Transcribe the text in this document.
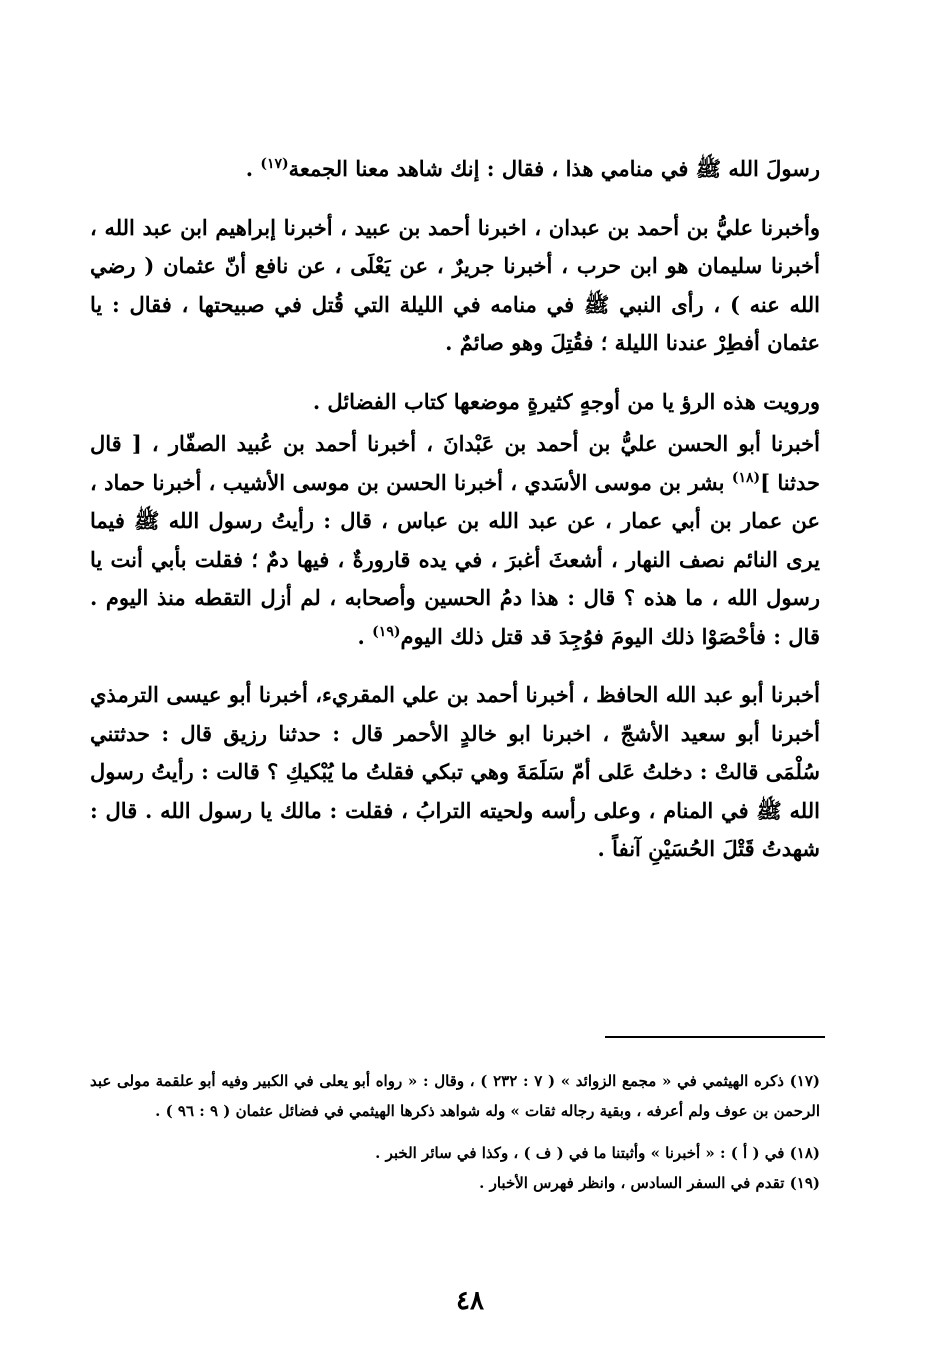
رسولَ الله ﷺ في منامي هذا ، فقال : إنك شاهد معنا الجمعة$^{(١٧)}$ .

وأخبرنا عليُّ بن أحمد بن عبدان ، اخبرنا أحمد بن عبيد ، أخبرنا إبراهيم ابن عبد الله ، أخبرنا سليمان هو ابن حرب ، أخبرنا جريرٌ ، عن يَعْلَى ، عن نافع أنّ عثمان ( رضي الله عنه ) ، رأى النبي ﷺ في منامه في الليلة التي قُتل في صبيحتها ، فقال : يا عثمان أفطِرْ عندنا الليلة ؛ فقُتِلَ وهو صائمٌ .

ورويت هذه الرؤ يا من أوجهٍ كثيرةٍ موضعها كتاب الفضائل .

أخبرنا أبو الحسن عليُّ بن أحمد بن عَبْدانَ ، أخبرنا أحمد بن عُبيد الصفّار ، [ قال حدثنا ]$^{(١٨)}$ بشر بن موسى الأسَدي ، أخبرنا الحسن بن موسى الأشيب ، أخبرنا حماد ، عن عمار بن أبي عمار ، عن عبد الله بن عباس ، قال : رأيتُ رسول الله ﷺ فيما يرى النائم نصف النهار ، أشعثَ أغبرَ ، في يده قارورةٌ ، فيها دمٌ ؛ فقلت بأبي أنت يا رسول الله ، ما هذه ؟ قال : هذا دمُ الحسين وأصحابه ، لم أزل التقطه منذ اليوم . قال : فأحْصَوْا ذلك اليومَ فوُجِدَ قد قتل ذلك اليوم$^{(١٩)}$ .

أخبرنا أبو عبد الله الحافظ ، أخبرنا أحمد بن علي المقريء، أخبرنا أبو عيسى الترمذي أخبرنا أبو سعيد الأشجّ ، اخبرنا ابو خالدٍ الأحمر قال : حدثنا رزيق قال : حدثتني سُلْمَى قالتْ : دخلتُ عَلى أمّ سَلَمَةَ وهي تبكي فقلتُ ما يُبْكيكِ ؟ قالت : رأيتُ رسول الله ﷺ في المنام ، وعلى رأسه ولحيته الترابُ ، فقلت : مالك يا رسول الله . قال : شهدتُ قَتْلَ الحُسَيْنِ آنفاً .

(١٧) ذكره الهيثمي في « مجمع الزوائد » ( ٧ : ٢٣٢ ) ، وقال : « رواه أبو يعلى في الكبير وفيه أبو علقمة مولى عبد الرحمن بن عوف ولم أعرفه ، وبقية رجاله ثقات » وله شواهد ذكرها الهيثمي في فضائل عثمان ( ٩ : ٩٦ ) .

(١٨) في ( أ ) : « أخبرنا » وأثبتنا ما في ( ف ) ، وكذا في سائر الخبر .

(١٩) تقدم في السفر السادس ، وانظر فهرس الأخبار .

٤٨
